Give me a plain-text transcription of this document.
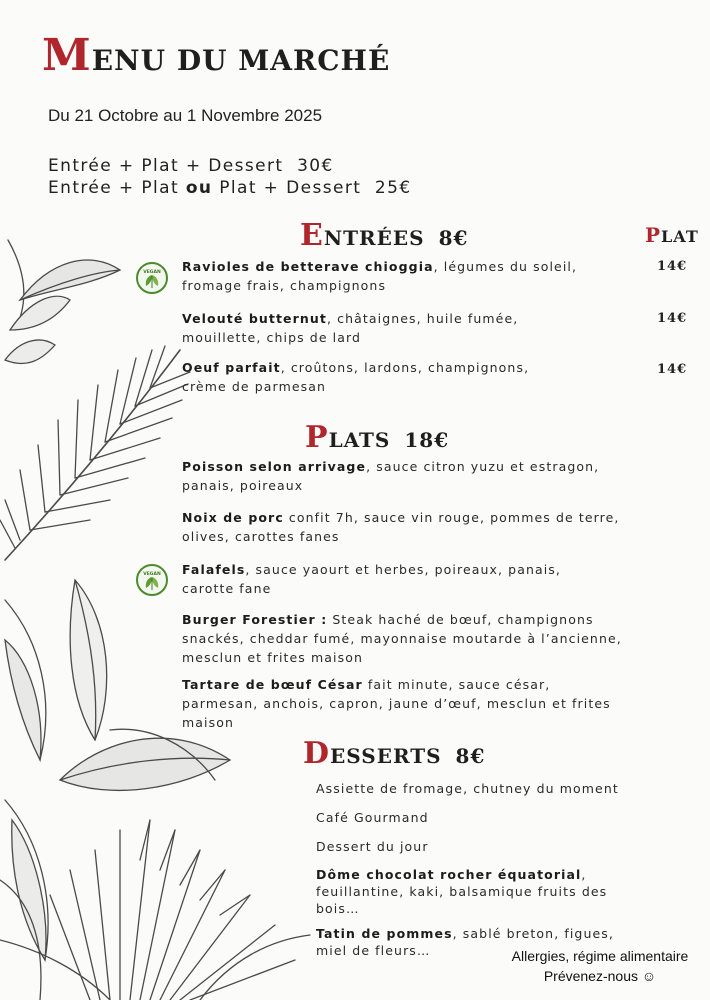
MENU DU MARCHÉ
Du 21 Octobre au 1 Novembre 2025
Entrée + Plat + Dessert  30€
Entrée + Plat ou Plat + Dessert  25€
ENTRÉES 8€	PLAT
VEGAN Ravioles de betterave chioggia, légumes du soleil,
fromage frais, champignons
14€
Velouté butternut, châtaignes, huile fumée,
mouillette, chips de lard
14€
Oeuf parfait, croûtons, lardons, champignons,
crème de parmesan
14€
PLATS 18€
Poisson selon arrivage, sauce citron yuzu et estragon,
panais, poireaux
Noix de porc confit 7h, sauce vin rouge, pommes de terre,
olives, carottes fanes
VEGAN Falafels, sauce yaourt et herbes, poireaux, panais,
carotte fane
Burger Forestier : Steak haché de bœuf, champignons
snackés, cheddar fumé, mayonnaise moutarde à l’ancienne,
mesclun et frites maison
Tartare de bœuf César fait minute, sauce césar,
parmesan, anchois, capron, jaune d’œuf, mesclun et frites
maison
DESSERTS 8€
Assiette de fromage, chutney du moment
Café Gourmand
Dessert du jour
Dôme chocolat rocher équatorial,
feuillantine, kaki, balsamique fruits des
bois…
Tatin de pommes, sablé breton, figues,
miel de fleurs…	Allergies, régime alimentaire
Prévenez-nous ☺
